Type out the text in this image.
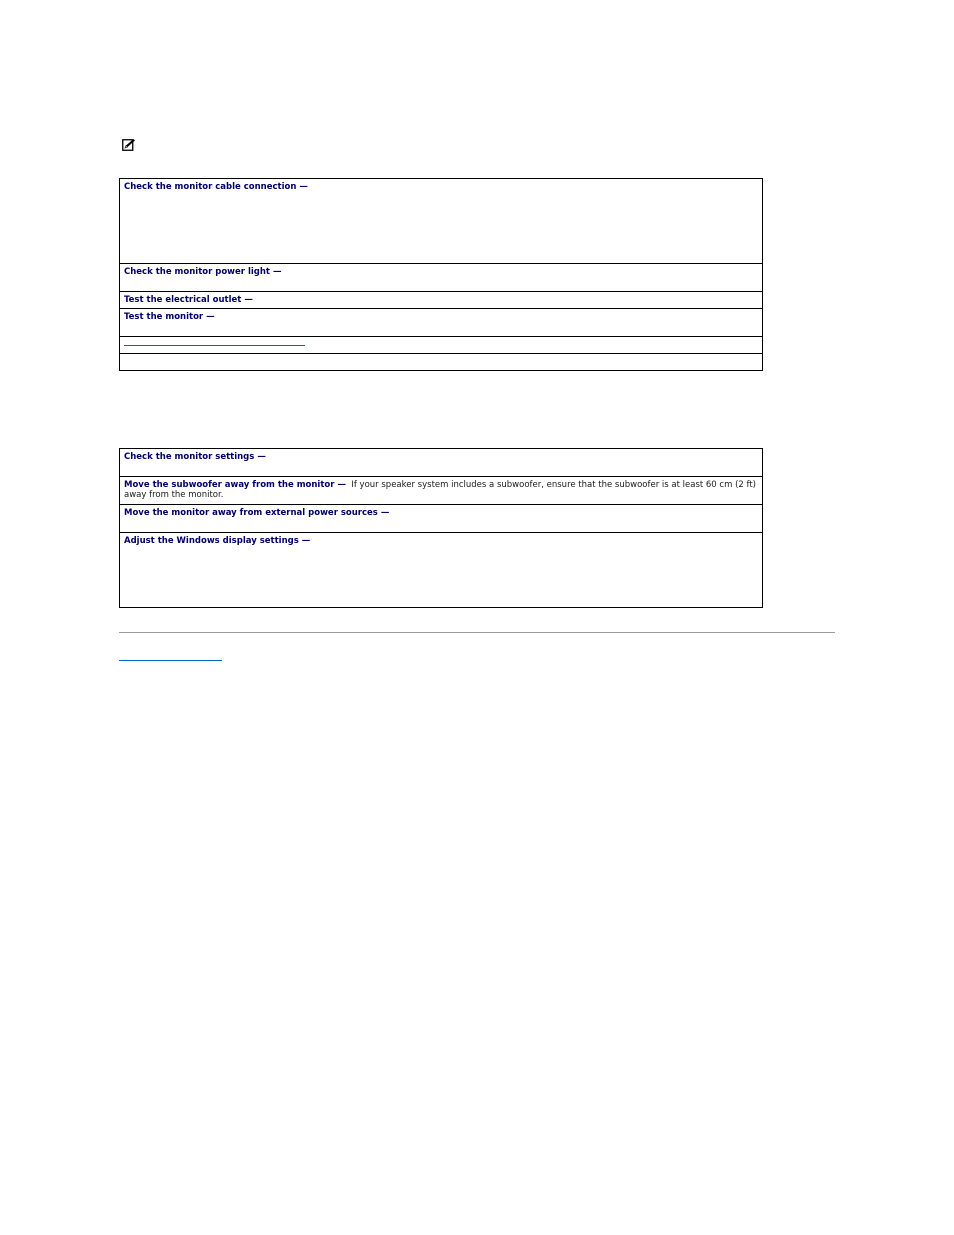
Check the monitor cable connection —
Check the monitor power light —
Test the electrical outlet —
Test the monitor —

Check the monitor settings —
Move the subwoofer away from the monitor — If your speaker system includes a subwoofer, ensure that the subwoofer is at least 60 cm (2 ft) away from the monitor.
Move the monitor away from external power sources —
Adjust the Windows display settings —
